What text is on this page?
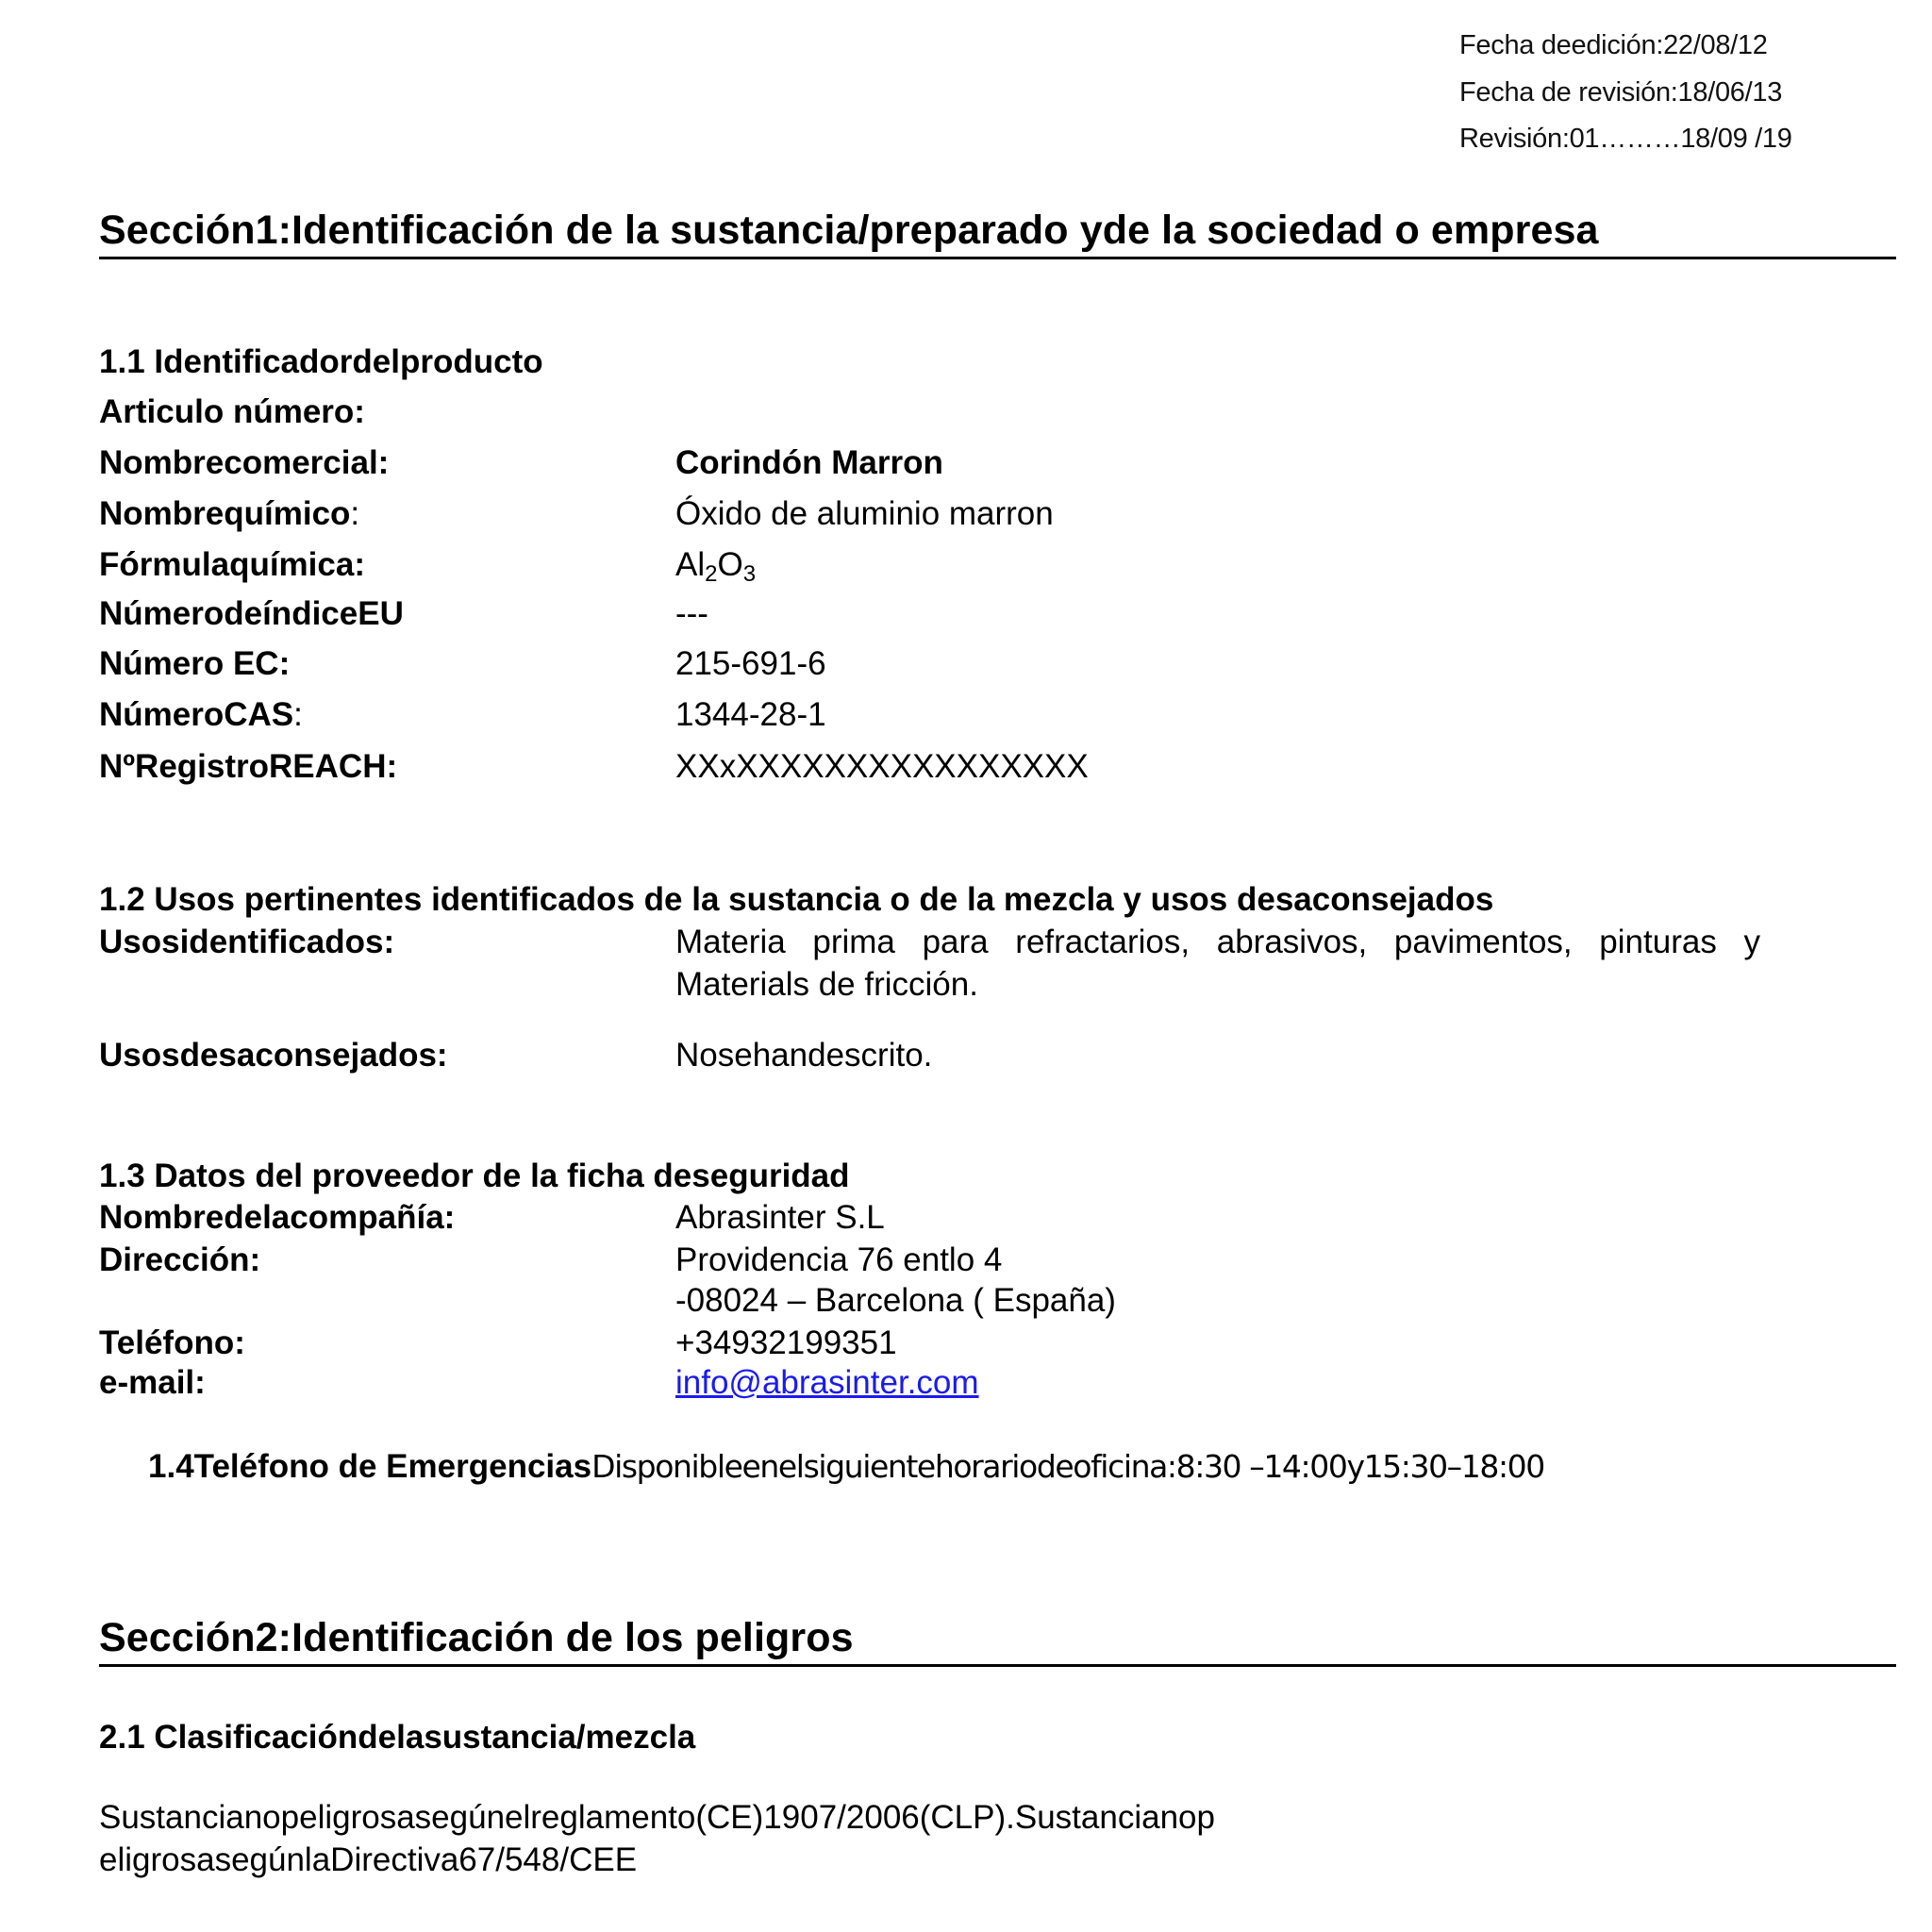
Fecha deedición:22/08/12
Fecha de revisión:18/06/13
Revisión:01………18/09 /19
Sección1:Identificación de la sustancia/preparado yde la sociedad o empresa
1.1 Identificadordelproducto
Articulo número:
Nombrecomercial:	Corindón Marron
Nombrequímico:	Óxido de aluminio marron
Fórmulaquímica:	$Al_2O_3$
NúmerodeíndiceEU	---
Número EC:	215-691-6
NúmeroCAS:	1344-28-1
NºRegistroREACH:	XXxXXXXXXXXXXXXXXXX
1.2 Usos pertinentes identificados de la sustancia o de la mezcla y usos desaconsejados
Usosidentificados:	Materia prima para refractarios, abrasivos, pavimentos, pinturas y Materials de fricción.
Usosdesaconsejados:	Nosehandescrito.
1.3 Datos del proveedor de la ficha deseguridad
Nombredelacompañía:	Abrasinter S.L
Dirección:	Providencia 76 entlo 4
-08024 – Barcelona ( España)
Teléfono:	+34932199351
e-mail:	info@abrasinter.com
1.4Teléfono de EmergenciasDisponibleenelsiguientehorariodeoficina:8:30 –14:00y15:30–18:00
Sección2:Identificación de los peligros
2.1 Clasificacióndelasustancia/mezcla
Sustancianopeligrosasegúnelreglamento(CE)1907/2006(CLP).Sustancianop
eligrosasegúnlaDirectiva67/548/CEE
